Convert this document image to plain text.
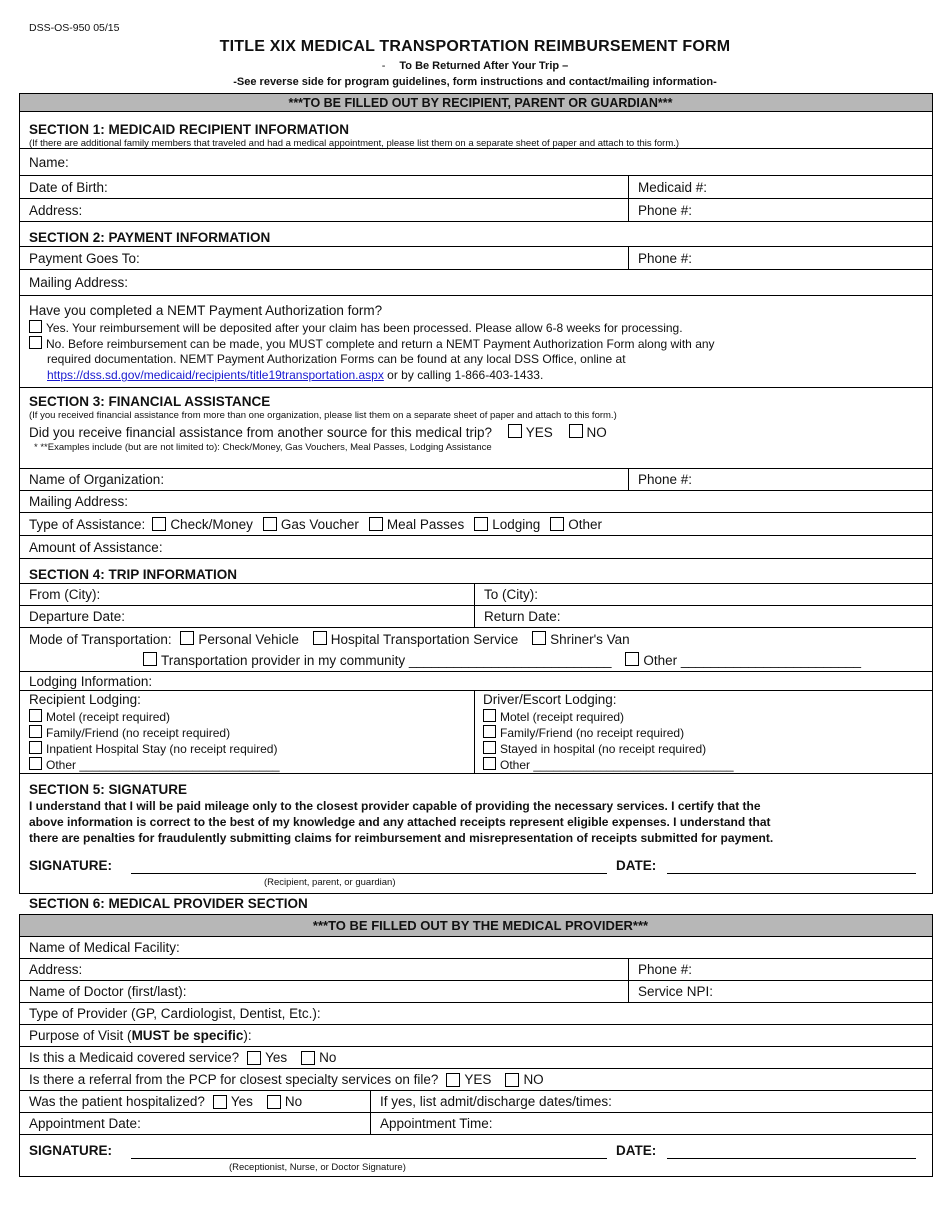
DSS-OS-950 05/15
TITLE XIX MEDICAL TRANSPORTATION REIMBURSEMENT FORM
- To Be Returned After Your Trip –
-See reverse side for program guidelines, form instructions and contact/mailing information-
***TO BE FILLED OUT BY RECIPIENT, PARENT OR GUARDIAN***
SECTION 1: MEDICAID RECIPIENT INFORMATION
(If there are additional family members that traveled and had a medical appointment, please list them on a separate sheet of paper and attach to this form.)
Name:
Date of Birth:	Medicaid #:
Address:	Phone #:
SECTION 2: PAYMENT INFORMATION
Payment Goes To:	Phone #:
Mailing Address:
Have you completed a NEMT Payment Authorization form?
Yes. Your reimbursement will be deposited after your claim has been processed. Please allow 6-8 weeks for processing.
No. Before reimbursement can be made, you MUST complete and return a NEMT Payment Authorization Form along with any
required documentation. NEMT Payment Authorization Forms can be found at any local DSS Office, online at
https://dss.sd.gov/medicaid/recipients/title19transportation.aspx or by calling 1-866-403-1433.
SECTION 3: FINANCIAL ASSISTANCE
(If you received financial assistance from more than one organization, please list them on a separate sheet of paper and attach to this form.)
Did you receive financial assistance from another source for this medical trip?	YES	NO
* **Examples include (but are not limited to): Check/Money, Gas Vouchers, Meal Passes, Lodging Assistance
Name of Organization:	Phone #:
Mailing Address:
Type of Assistance: Check/Money Gas Voucher Meal Passes Lodging Other
Amount of Assistance:
SECTION 4: TRIP INFORMATION
From (City):	To (City):
Departure Date:	Return Date:
Mode of Transportation: Personal Vehicle Hospital Transportation Service Shriner's Van
Transportation provider in my community ___________________________ Other ________________________
Lodging Information:
Recipient Lodging:
Motel (receipt required)
Family/Friend (no receipt required)
Inpatient Hospital Stay (no receipt required)
Other ______________________________
Driver/Escort Lodging:
Motel (receipt required)
Family/Friend (no receipt required)
Stayed in hospital (no receipt required)
Other ______________________________
SECTION 5: SIGNATURE
I understand that I will be paid mileage only to the closest provider capable of providing the necessary services. I certify that the
above information is correct to the best of my knowledge and any attached receipts represent eligible expenses. I understand that
there are penalties for fraudulently submitting claims for reimbursement and misrepresentation of receipts submitted for payment.
SIGNATURE:	DATE:
(Recipient, parent, or guardian)
SECTION 6: MEDICAL PROVIDER SECTION
***TO BE FILLED OUT BY THE MEDICAL PROVIDER***
Name of Medical Facility:
Address:	Phone #:
Name of Doctor (first/last):	Service NPI:
Type of Provider (GP, Cardiologist, Dentist, Etc.):
Purpose of Visit ( MUST be specific ):
Is this a Medicaid covered service? Yes No
Is there a referral from the PCP for closest specialty services on file? YES NO
Was the patient hospitalized? Yes No	If yes, list admit/discharge dates/times:
Appointment Date:	Appointment Time:
SIGNATURE:	DATE:
(Receptionist, Nurse, or Doctor Signature)
